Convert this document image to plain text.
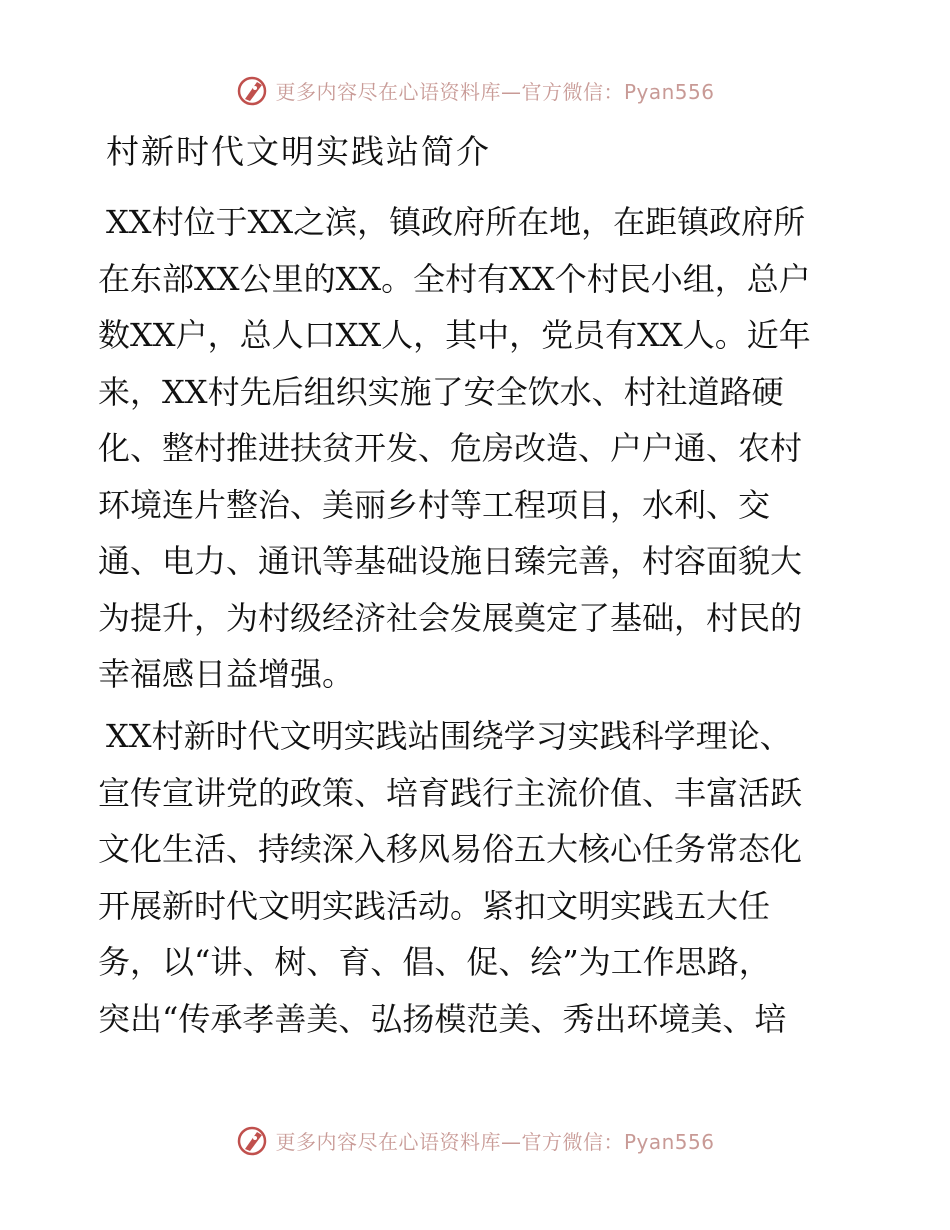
更多内容尽在心语资料库—官方微信：Pyan556
村新时代文明实践站简介
XX村位于XX之滨，镇政府所在地，在距镇政府所
在东部XX公里的XX。全村有XX个村民小组，总户
数XX户，总人口XX人，其中，党员有XX人。近年
来，XX村先后组织实施了安全饮水、村社道路硬
化、整村推进扶贫开发、危房改造、户户通、农村
环境连片整治、美丽乡村等工程项目，水利、交
通、电力、通讯等基础设施日臻完善，村容面貌大
为提升，为村级经济社会发展奠定了基础，村民的
幸福感日益增强。
XX村新时代文明实践站围绕学习实践科学理论、
宣传宣讲党的政策、培育践行主流价值、丰富活跃
文化生活、持续深入移风易俗五大核心任务常态化
开展新时代文明实践活动。紧扣文明实践五大任
务，以“讲、树、育、倡、促、绘”为工作思路，
突出“传承孝善美、弘扬模范美、秀出环境美、培
更多内容尽在心语资料库—官方微信：Pyan556
